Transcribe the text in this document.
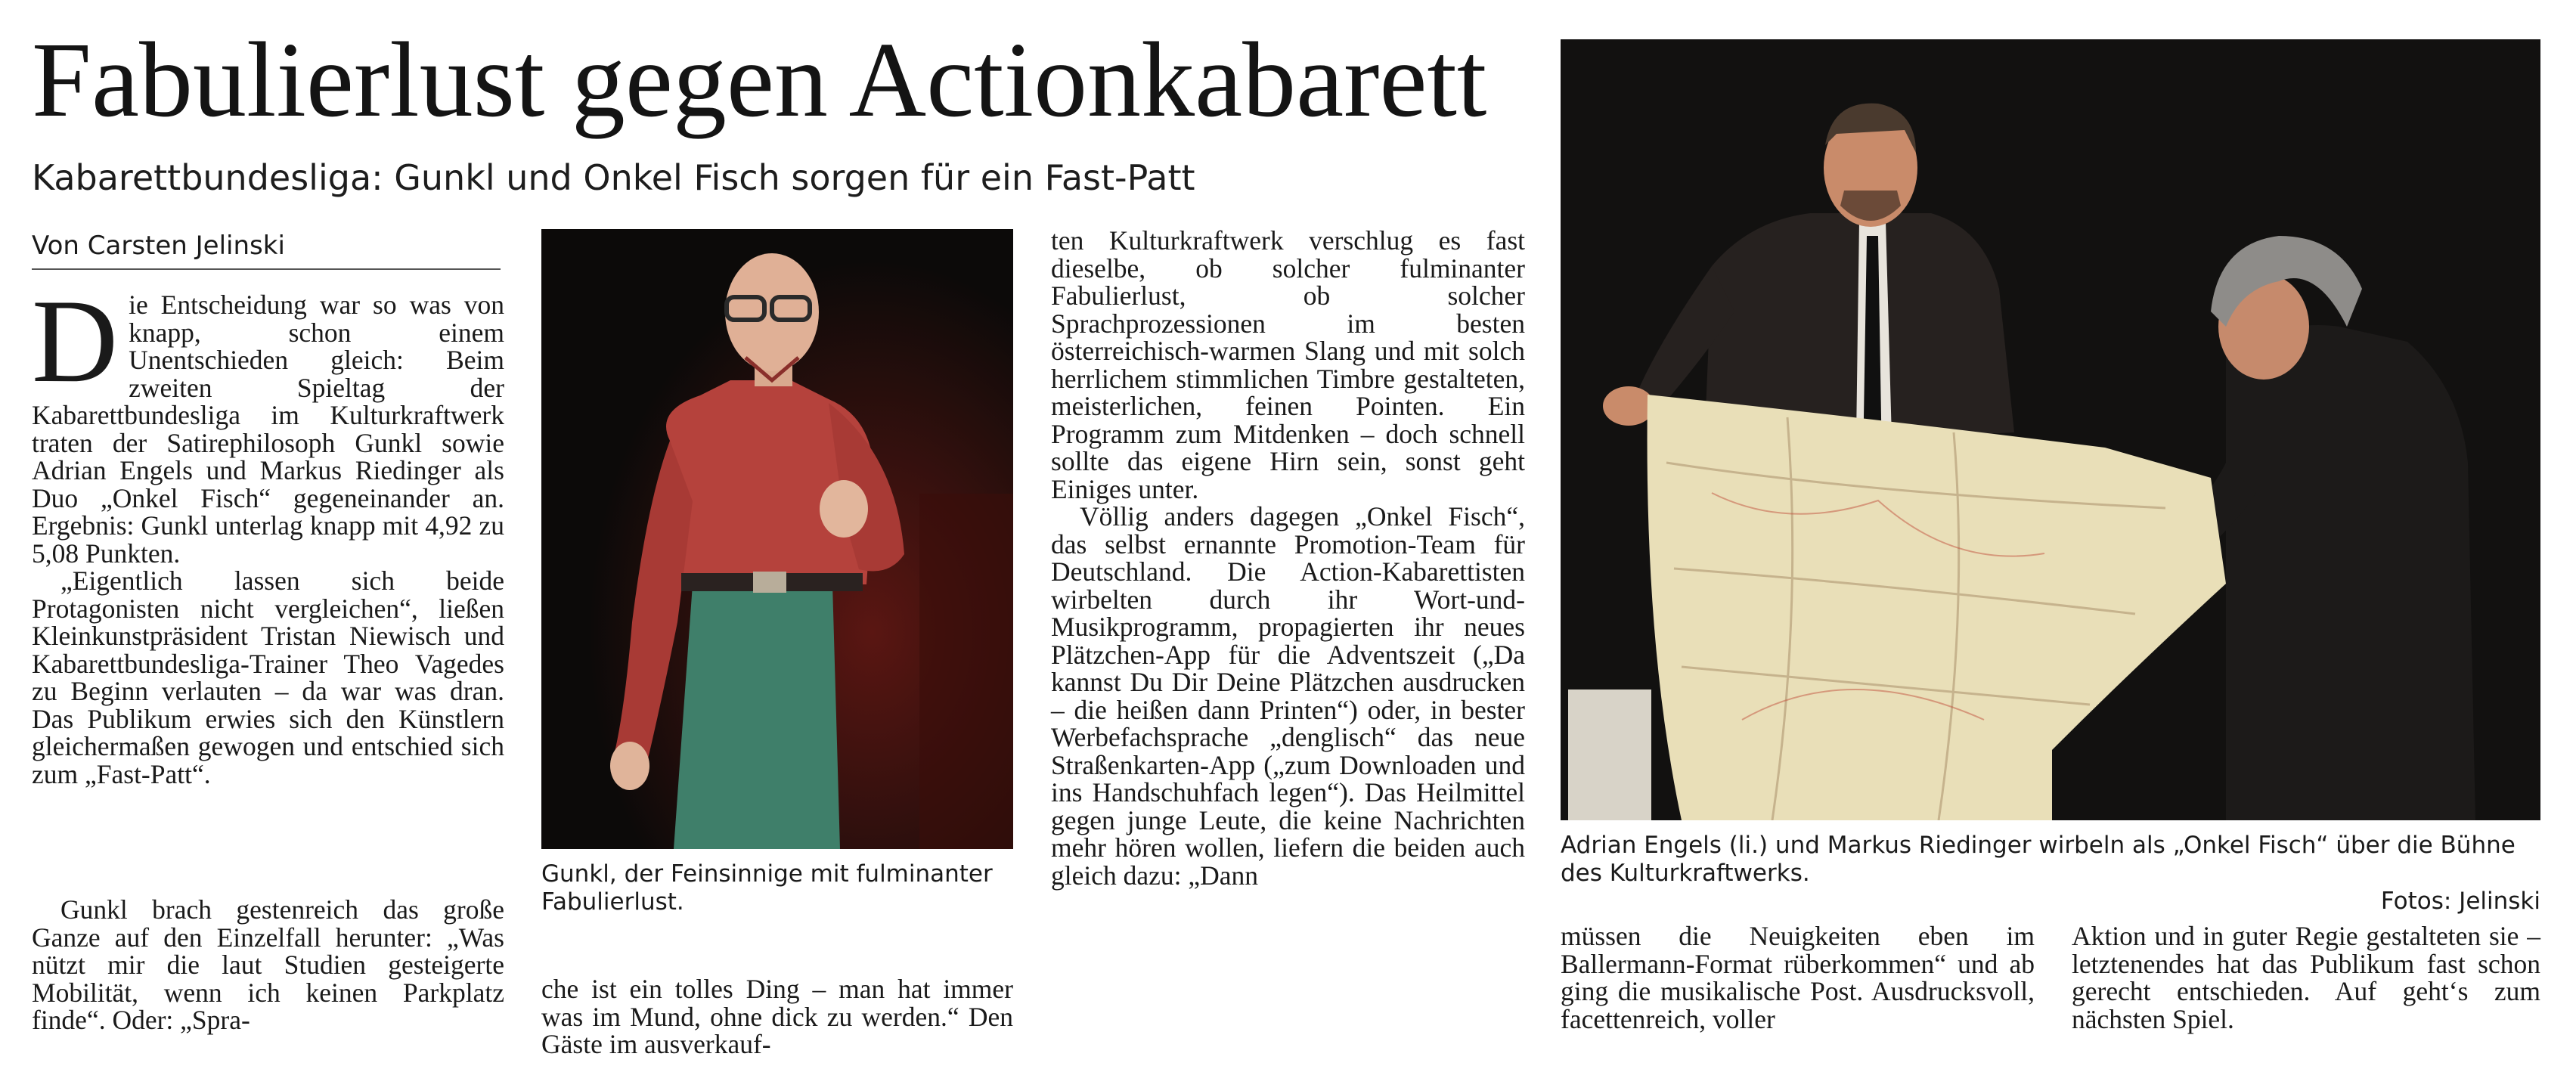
Fabulierlust gegen Actionkabarett
Kabarettbundesliga: Gunkl und Onkel Fisch sorgen für ein Fast-Patt
Von Carsten Jelinski

Die Entscheidung war so was von knapp, schon einem Unentschieden gleich: Beim zweiten Spieltag der Kabarettbundesliga im Kulturkraftwerk traten der Satirephilosoph Gunkl sowie Adrian Engels und Markus Riedinger als Duo „Onkel Fisch“ gegeneinander an. Ergebnis: Gunkl unterlag knapp mit 4,92 zu 5,08 Punkten.

„Eigentlich lassen sich beide Protagonisten nicht vergleichen“, ließen Kleinkunstpräsident Tristan Niewisch und Kabarettbundesliga-Trainer Theo Vagedes zu Beginn verlauten – da war was dran. Das Publikum erwies sich den Künstlern gleichermaßen gewogen und entschied sich zum „Fast-Patt“.

Gunkl brach gestenreich das große Ganze auf den Einzelfall herunter: „Was nützt mir die laut Studien gesteigerte Mobilität, wenn ich keinen Parkplatz finde“. Oder: „Spra-

Gunkl, der Feinsinnige mit fulminanter Fabulierlust.

che ist ein tolles Ding – man hat immer was im Mund, ohne dick zu werden.“ Den Gäste im ausverkauf-

ten Kulturkraftwerk verschlug es fast dieselbe, ob solcher fulminanter Fabulierlust, ob solcher Sprachprozessionen im besten österreichisch-warmen Slang und mit solch herrlichem stimmlichen Timbre gestalteten, meisterlichen, feinen Pointen. Ein Programm zum Mitdenken – doch schnell sollte das eigene Hirn sein, sonst geht Einiges unter.

Völlig anders dagegen „Onkel Fisch“, das selbst ernannte Promotion-Team für Deutschland. Die Action-Kabarettisten wirbelten durch ihr Wort-und-Musikprogramm, propagierten ihr neues Plätzchen-App für die Adventszeit („Da kannst Du Dir Deine Plätzchen ausdrucken – die heißen dann Printen“) oder, in bester Werbefachsprache „denglisch“ das neue Straßenkarten-App („zum Downloaden und ins Handschuhfach legen“). Das Heilmittel gegen junge Leute, die keine Nachrichten mehr hören wollen, liefern die beiden auch gleich dazu: „Dann

Adrian Engels (li.) und Markus Riedinger wirbeln als „Onkel Fisch“ über die Bühne des Kulturkraftwerks.
Fotos: Jelinski

müssen die Neuigkeiten eben im Ballermann-Format rüberkommen“ und ab ging die musikalische Post. Ausdrucksvoll, facettenreich, voller

Aktion und in guter Regie gestalteten sie – letztenendes hat das Publikum fast schon gerecht entschieden. Auf geht‘s zum nächsten Spiel.
